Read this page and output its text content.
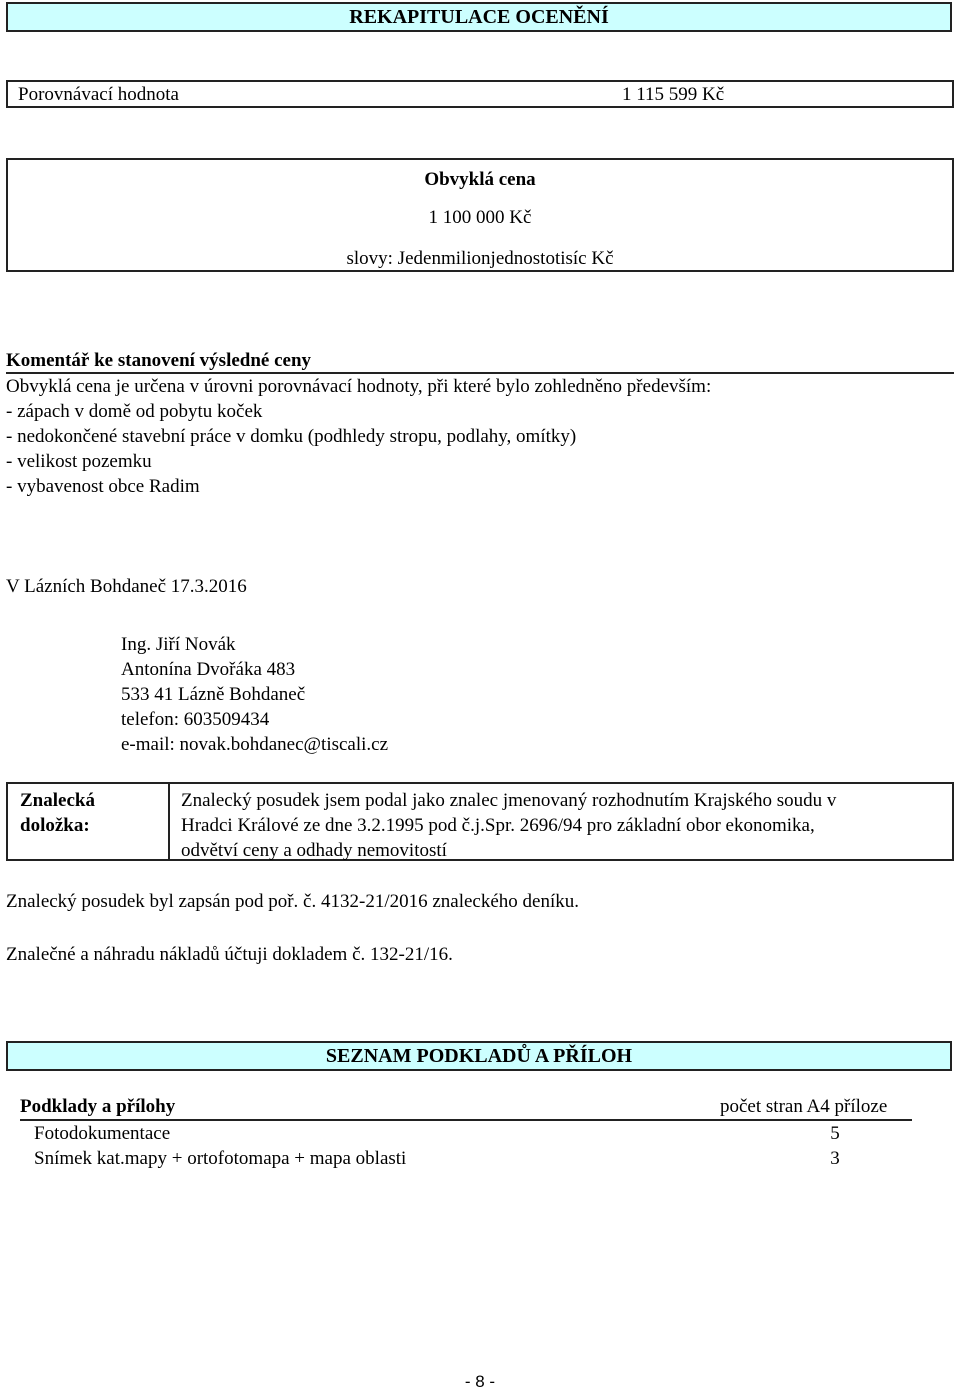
REKAPITULACE OCENĚNÍ
Porovnávací hodnota	1 115 599 Kč
Obvyklá cena
1 100 000 Kč
slovy: Jedenmilionjednostotisíc Kč
Komentář ke stanovení výsledné ceny
Obvyklá cena je určena v úrovni porovnávací hodnoty, při které bylo zohledněno především:
- zápach v domě od pobytu koček
- nedokončené stavební práce v domku (podhledy stropu, podlahy, omítky)
- velikost pozemku
- vybavenost obce Radim
V Lázních Bohdaneč 17.3.2016
Ing. Jiří Novák
Antonína Dvořáka 483
533 41 Lázně Bohdaneč
telefon: 603509434
e-mail: novak.bohdanec@tiscali.cz
Znalecká
doložka:
Znalecký posudek jsem podal jako znalec jmenovaný rozhodnutím Krajského soudu v
Hradci Králové ze dne 3.2.1995 pod č.j.Spr. 2696/94 pro základní obor ekonomika,
odvětví ceny a odhady nemovitostí
Znalecký posudek byl zapsán pod poř. č. 4132-21/2016 znaleckého deníku.
Znalečné a náhradu nákladů účtuji dokladem č. 132-21/16.
SEZNAM PODKLADŮ A PŘÍLOH
Podklady a přílohy	počet stran A4 příloze
Fotodokumentace	5
Snímek kat.mapy + ortofotomapa + mapa oblasti	3
- 8 -
